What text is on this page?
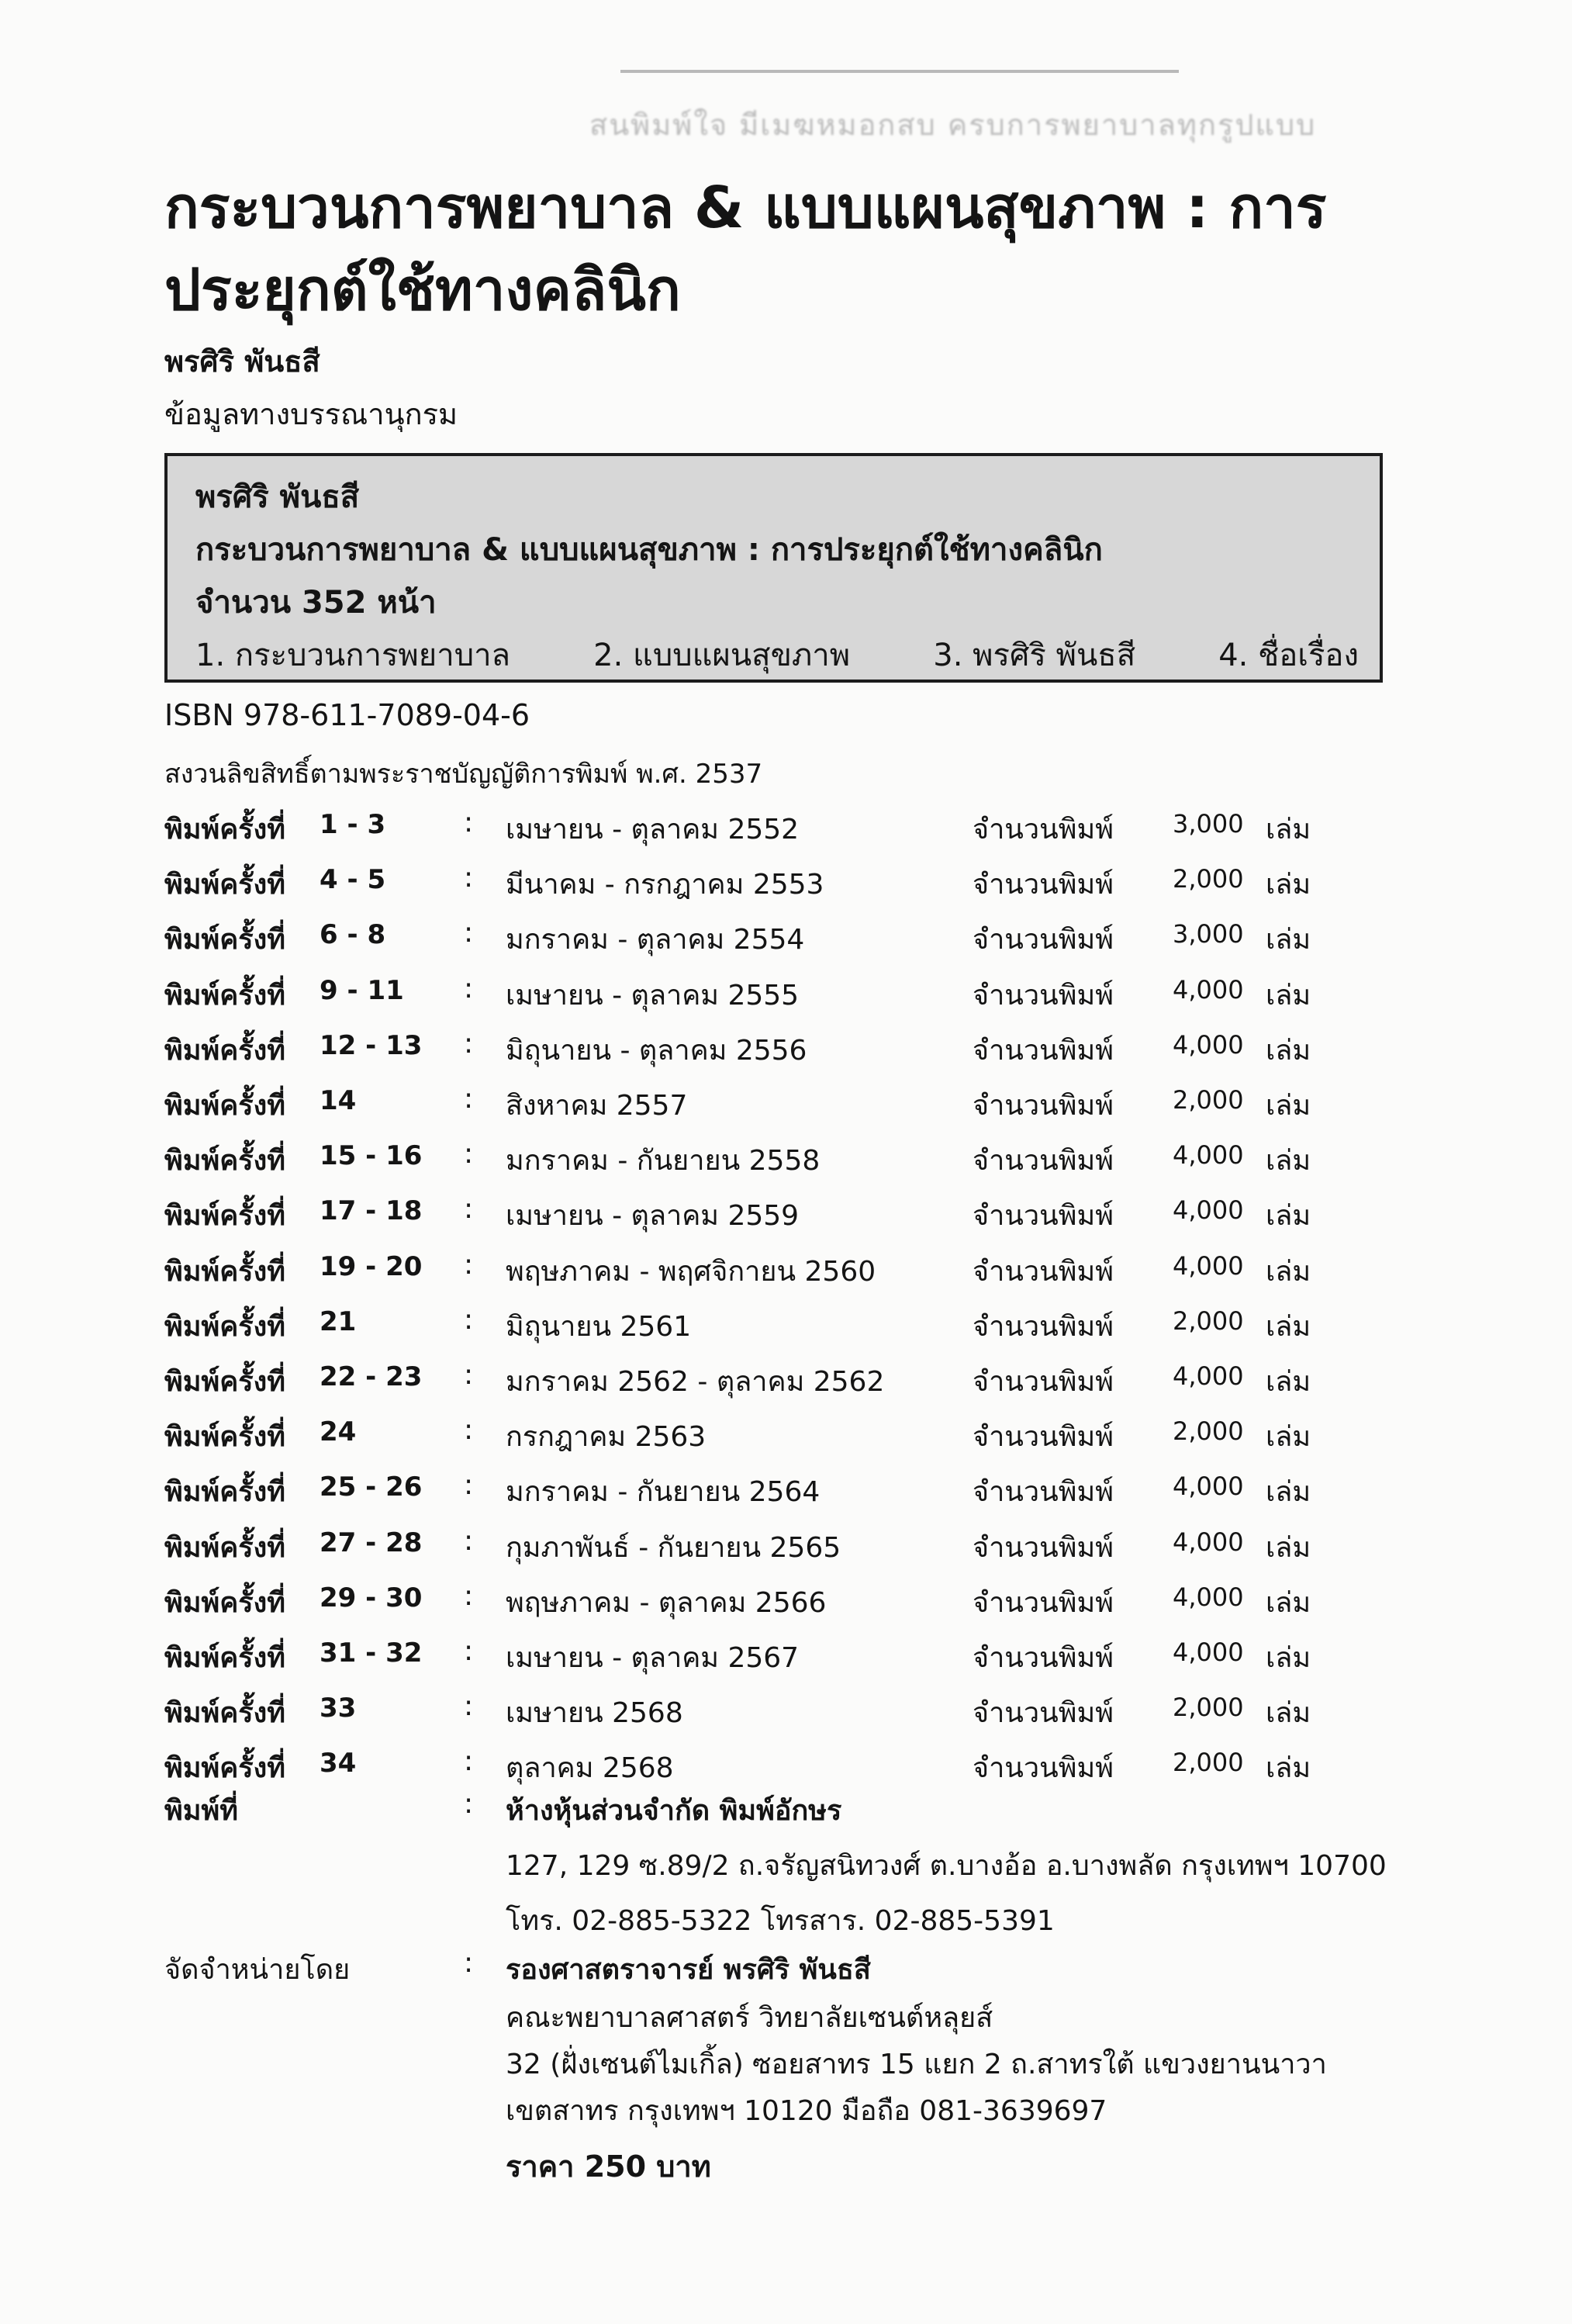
สนพิมพ์ใจ มีเมฆหมอกสบ ครบการพยาบาลทุกรูปแบบ
กระบวนการพยาบาล & แบบแผนสุขภาพ : การประยุกต์ใช้ทางคลินิก
พรศิริ พันธสี
ข้อมูลทางบรรณานุกรม
พรศิริ พันธสี
กระบวนการพยาบาล & แบบแผนสุขภาพ : การประยุกต์ใช้ทางคลินิก
จำนวน 352 หน้า
1. กระบวนการพยาบาล	2. แบบแผนสุขภาพ	3. พรศิริ พันธสี	4. ชื่อเรื่อง
ISBN 978-611-7089-04-6
สงวนลิขสิทธิ์ตามพระราชบัญญัติการพิมพ์ พ.ศ. 2537
พิมพ์ครั้งที่ 1 - 3	: เมษายน - ตุลาคม 2552	จำนวนพิมพ์ 3,000 เล่ม
พิมพ์ครั้งที่ 4 - 5	: มีนาคม - กรกฎาคม 2553	จำนวนพิมพ์ 2,000 เล่ม
พิมพ์ครั้งที่ 6 - 8	: มกราคม - ตุลาคม 2554	จำนวนพิมพ์ 3,000 เล่ม
พิมพ์ครั้งที่ 9 - 11 : เมษายน - ตุลาคม 2555	จำนวนพิมพ์ 4,000 เล่ม
พิมพ์ครั้งที่ 12 - 13 : มิถุนายน - ตุลาคม 2556	จำนวนพิมพ์ 4,000 เล่ม
พิมพ์ครั้งที่ 14	: สิงหาคม 2557	จำนวนพิมพ์ 2,000 เล่ม
พิมพ์ครั้งที่ 15 - 16 : มกราคม - กันยายน 2558	จำนวนพิมพ์ 4,000 เล่ม
พิมพ์ครั้งที่ 17 - 18 : เมษายน - ตุลาคม 2559	จำนวนพิมพ์ 4,000 เล่ม
พิมพ์ครั้งที่ 19 - 20 : พฤษภาคม - พฤศจิกายน 2560	จำนวนพิมพ์ 4,000 เล่ม
พิมพ์ครั้งที่ 21	: มิถุนายน 2561	จำนวนพิมพ์ 2,000 เล่ม
พิมพ์ครั้งที่ 22 - 23 : มกราคม 2562 - ตุลาคม 2562	จำนวนพิมพ์ 4,000 เล่ม
พิมพ์ครั้งที่ 24	: กรกฎาคม 2563	จำนวนพิมพ์ 2,000 เล่ม
พิมพ์ครั้งที่ 25 - 26 : มกราคม - กันยายน 2564	จำนวนพิมพ์ 4,000 เล่ม
พิมพ์ครั้งที่ 27 - 28 : กุมภาพันธ์ - กันยายน 2565	จำนวนพิมพ์ 4,000 เล่ม
พิมพ์ครั้งที่ 29 - 30 : พฤษภาคม - ตุลาคม 2566	จำนวนพิมพ์ 4,000 เล่ม
พิมพ์ครั้งที่ 31 - 32 : เมษายน - ตุลาคม 2567	จำนวนพิมพ์ 4,000 เล่ม
พิมพ์ครั้งที่ 33	: เมษายน 2568	จำนวนพิมพ์ 2,000 เล่ม
พิมพ์ครั้งที่ 34	: ตุลาคม 2568	จำนวนพิมพ์ 2,000 เล่ม
พิมพ์ที่	: ห้างหุ้นส่วนจำกัด พิมพ์อักษร
127, 129 ซ.89/2 ถ.จรัญสนิทวงศ์ ต.บางอ้อ อ.บางพลัด กรุงเทพฯ 10700
โทร. 02-885-5322 โทรสาร. 02-885-5391
จัดจำหน่ายโดย	: รองศาสตราจารย์ พรศิริ พันธสี
คณะพยาบาลศาสตร์ วิทยาลัยเซนต์หลุยส์
32 (ฝั่งเซนต์ไมเกิ้ล) ซอยสาทร 15 แยก 2 ถ.สาทรใต้ แขวงยานนาวา
เขตสาทร กรุงเทพฯ 10120 มือถือ 081-3639697
ราคา 250 บาท
